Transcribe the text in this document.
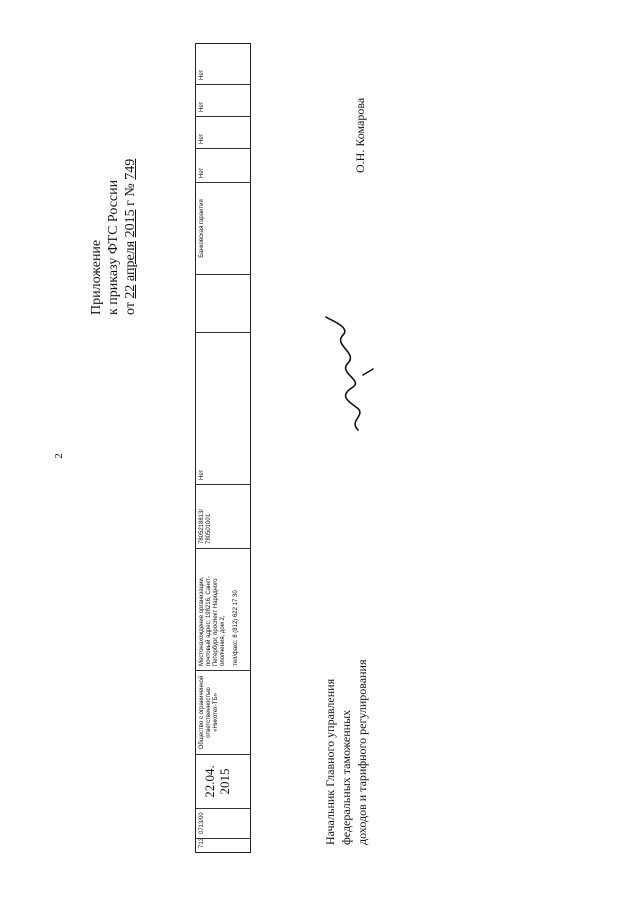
2
713
0713/00
22.04. 2015
Общество с ограниченной ответственностью «Никотех-ТБ»
Местонахождение организации, почтовый адрес: 198216, Санкт-Петербург, проспект Народного ополчения, дом 2, тел/факс: 8 (812) 622 17 30
7805218813/ 780501001
Нет
Банковская гарантия
Нет
Нет
Нет
Нет
Приложение к приказу ФТС России от 22 апреля 2015 г № 749
Начальник Главного управления федеральных таможенных доходов и тарифного регулирования
О.Н. Комарова
